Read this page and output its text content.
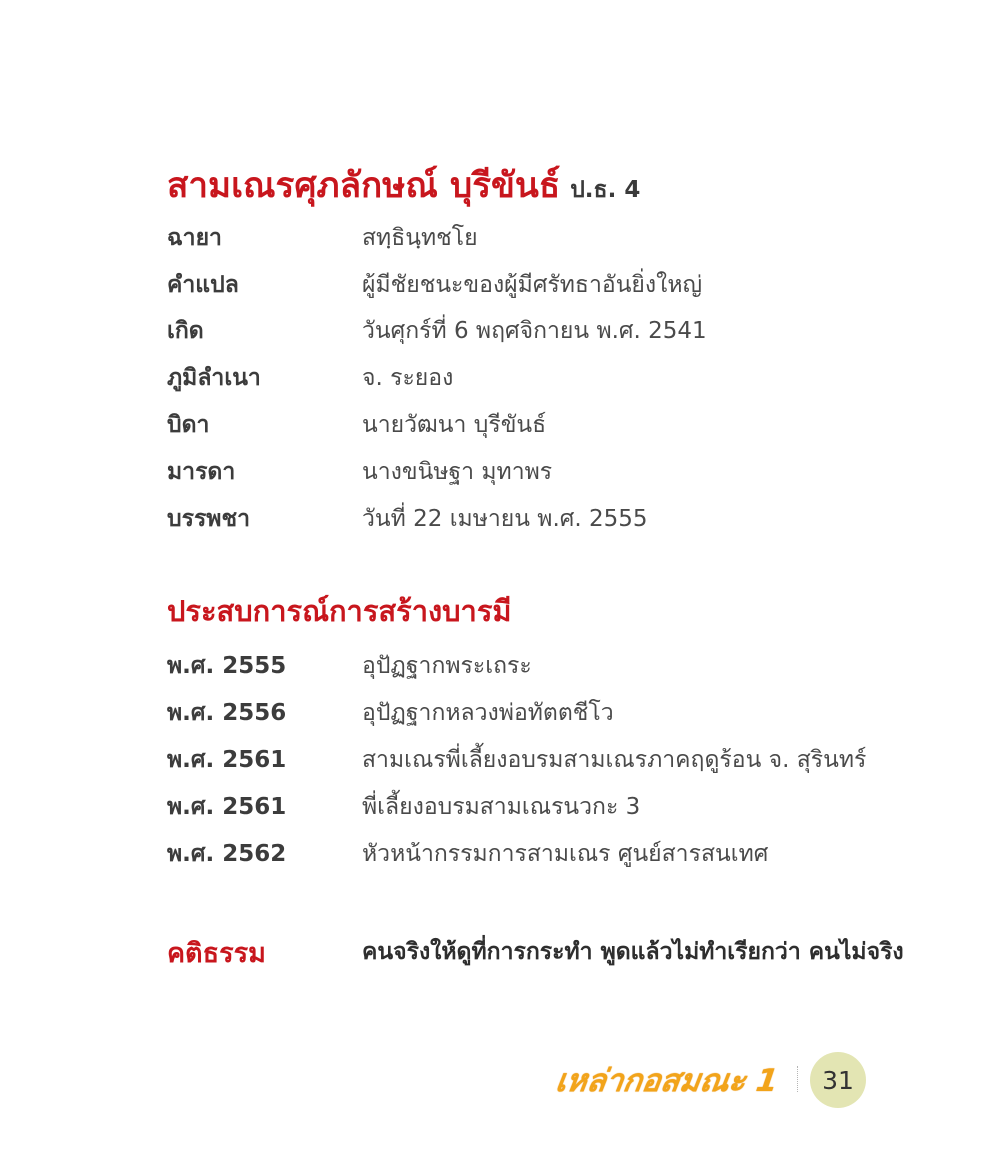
สามเณรศุภลักษณ์ บุรีขันธ์ ป.ธ. 4
ฉายา	สทฺธินฺทชโย
คำแปล	ผู้มีชัยชนะของผู้มีศรัทธาอันยิ่งใหญ่
เกิด	วันศุกร์ที่ 6 พฤศจิกายน พ.ศ. 2541
ภูมิลำเนา	จ. ระยอง
บิดา	นายวัฒนา บุรีขันธ์
มารดา	นางขนิษฐา มุทาพร
บรรพชา	วันที่ 22 เมษายน พ.ศ. 2555
ประสบการณ์การสร้างบารมี
พ.ศ. 2555	อุปัฏฐากพระเถระ
พ.ศ. 2556	อุปัฏฐากหลวงพ่อทัตตชีโว
พ.ศ. 2561	สามเณรพี่เลี้ยงอบรมสามเณรภาคฤดูร้อน จ. สุรินทร์
พ.ศ. 2561	พี่เลี้ยงอบรมสามเณรนวกะ 3
พ.ศ. 2562	หัวหน้ากรรมการสามเณร ศูนย์สารสนเทศ
คติธรรม	คนจริงให้ดูที่การกระทำ พูดแล้วไม่ทำเรียกว่า คนไม่จริง
เหล่ากอสมณะ 1 31
